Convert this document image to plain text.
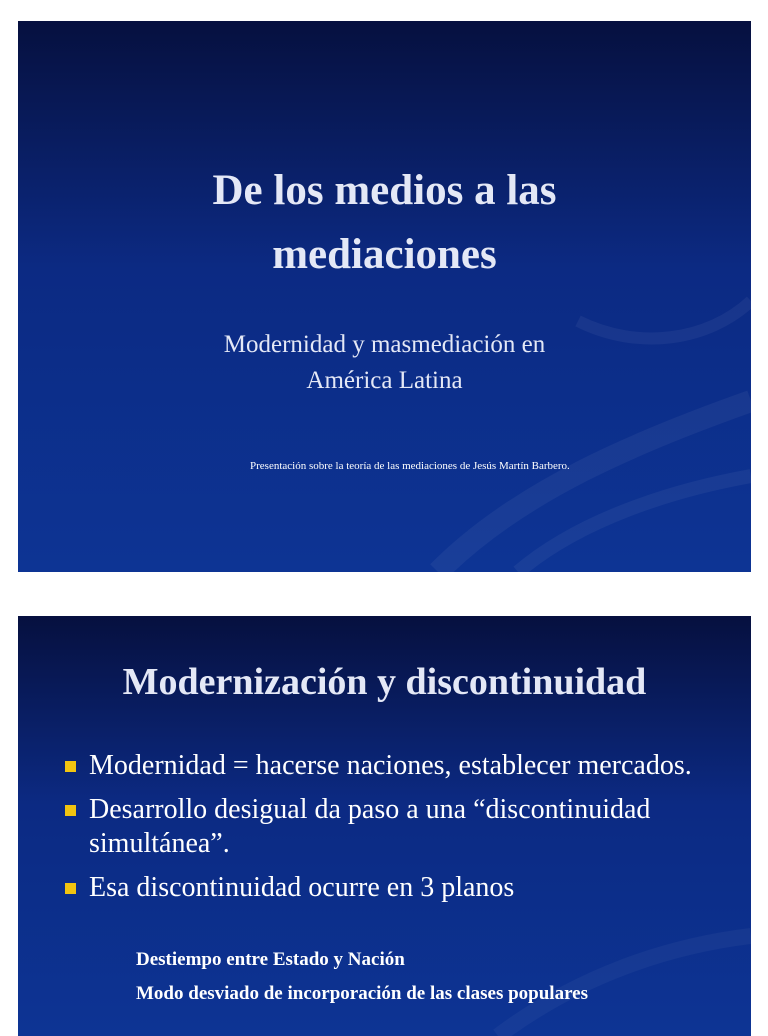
De los medios a las
mediaciones
Modernidad y masmediación en
América Latina
Presentación sobre la teoría de las mediaciones de Jesús Martín Barbero.
Modernización y discontinuidad
Modernidad = hacerse naciones, establecer mercados.
Desarrollo desigual da paso a una “discontinuidad simultánea”.
Esa discontinuidad ocurre en 3 planos
Destiempo entre Estado y Nación
Modo desviado de incorporación de las clases populares
